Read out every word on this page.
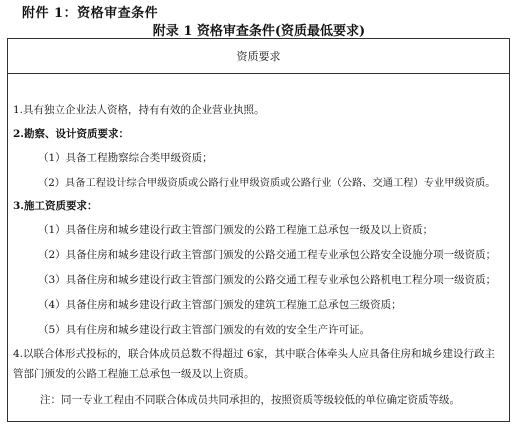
附件 1：资格审查条件
附录 1 资格审查条件(资质最低要求)
资质要求
1.具有独立企业法人资格，持有有效的企业营业执照。
2.勘察、设计资质要求：
（1）具备工程勘察综合类甲级资质；
（2）具备工程设计综合甲级资质或公路行业甲级资质或公路行业（公路、交通工程）专业甲级资质。
3.施工资质要求：
（1）具备住房和城乡建设行政主管部门颁发的公路工程施工总承包一级及以上资质；
（2）具备住房和城乡建设行政主管部门颁发的公路交通工程专业承包公路安全设施分项一级资质；
（3）具备住房和城乡建设行政主管部门颁发的公路交通工程专业承包公路机电工程分项一级资质；
（4）具备住房和城乡建设行政主管部门颁发的建筑工程施工总承包三级资质；
（5）具有住房和城乡建设行政主管部门颁发的有效的安全生产许可证。
4.以联合体形式投标的，联合体成员总数不得超过 6家，其中联合体牵头人应具备住房和城乡建设行政主
管部门颁发的公路工程施工总承包一级及以上资质。
注：同一专业工程由不同联合体成员共同承担的，按照资质等级较低的单位确定资质等级。
